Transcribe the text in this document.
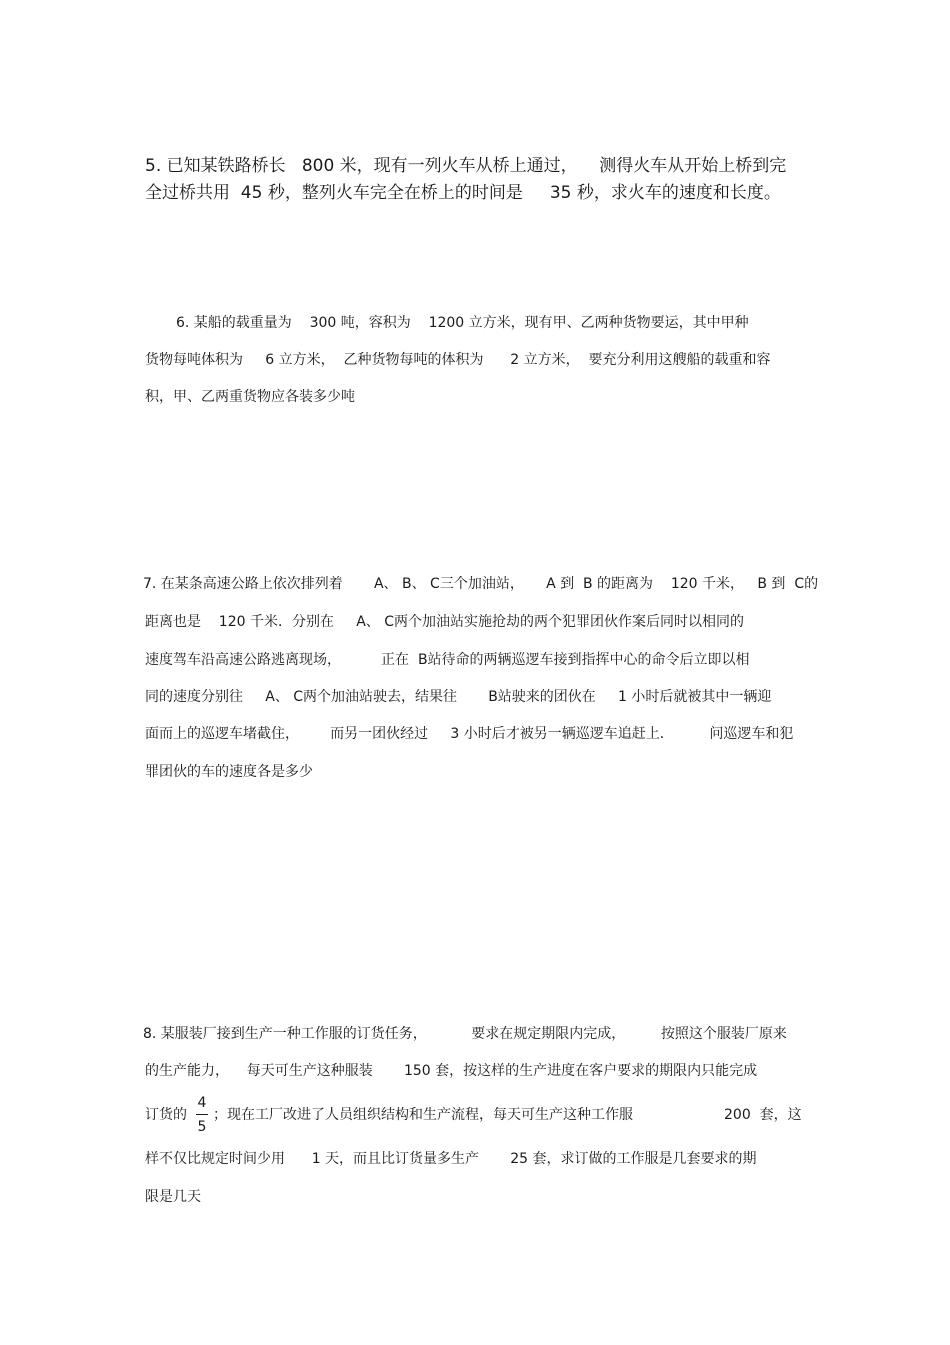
5. 已知某铁路桥长   800 米，现有一列火车从桥上通过，    测得火车从开始上桥到完

全过桥共用  45 秒，整列火车完全在桥上的时间是     35 秒，求火车的速度和长度。

6. 某船的载重量为    300 吨，容积为    1200 立方米，现有甲、乙两种货物要运，其中甲种

货物每吨体积为     6 立方米，  乙种货物每吨的体积为      2 立方米，  要充分利用这艘船的载重和容

积，甲、乙两重货物应各装多少吨

7. 在某条高速公路上依次排列着       A、 B、 C三个加油站，     A 到  B 的距离为    120 千米，   B 到  C的

距离也是    120 千米．分别在     A、 C两个加油站实施抢劫的两个犯罪团伙作案后同时以相同的

速度驾车沿高速公路逃离现场，         正在  B站待命的两辆巡逻车接到指挥中心的命令后立即以相

同的速度分别往     A、 C两个加油站驶去，结果往       B站驶来的团伙在     1 小时后就被其中一辆迎

面而上的巡逻车堵截住，       而另一团伙经过     3 小时后才被另一辆巡逻车追赶上．        问巡逻车和犯

罪团伙的车的速度各是多少

8. 某服装厂接到生产一种工作服的订货任务，          要求在规定期限内完成，        按照这个服装厂原来

的生产能力，    每天可生产这种服装       150 套，按这样的生产进度在客户要求的期限内只能完成

订货的

4
5

；现在工厂改进了人员组织结构和生产流程，每天可生产这种工作服	200  套，这

样不仅比规定时间少用      1 天，而且比订货量多生产       25 套，求订做的工作服是几套要求的期

限是几天
